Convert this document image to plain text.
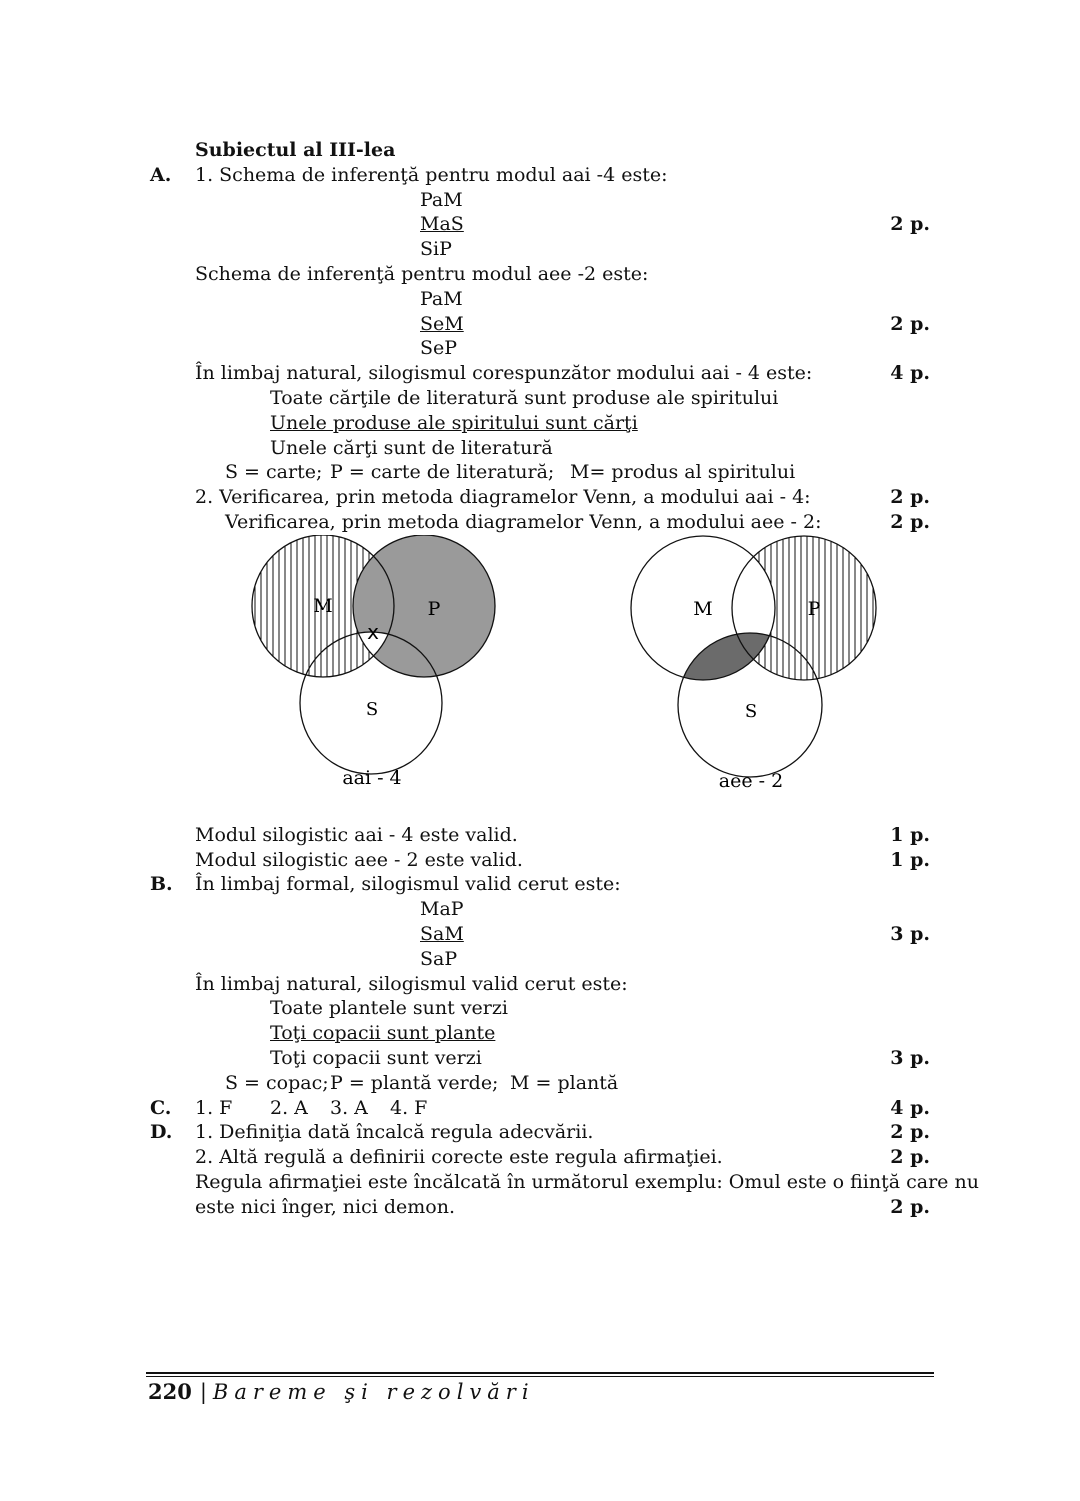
Subiectul al III-lea
A. 1. Schema de inferenţă pentru modul aai -4 este:
PaM
MaS	2 p.
SiP
Schema de inferenţă pentru modul aee -2 este:
PaM
SeM	2 p.
SeP
În limbaj natural, silogismul corespunzător modului aai - 4 este:	4 p.
Toate cărţile de literatură sunt produse ale spiritului
Unele produse ale spiritului sunt cărţi
Unele cărţi sunt de literatură
S = carte; P = carte de literatură; M= produs al spiritului
2. Verificarea, prin metoda diagramelor Venn, a modului aai - 4:	2 p.
Verificarea, prin metoda diagramelor Venn, a modului aee - 2:	2 p.
M	P
x
S
aai - 4
M	P
S
aee - 2
Modul silogistic aai - 4 este valid.	1 p.
Modul silogistic aee - 2 este valid.	1 p.
B. În limbaj formal, silogismul valid cerut este:
MaP
SaM	3 p.
SaP
În limbaj natural, silogismul valid cerut este:
Toate plantele sunt verzi
Toţi copacii sunt plante
Toţi copacii sunt verzi	3 p.
S = copac; P = plantă verde; M = plantă
C. 1. F 2. A 3. A 4. F	4 p.
D. 1. Definiţia dată încalcă regula adecvării.	2 p.
2. Altă regulă a definirii corecte este regula afirmaţiei.	2 p.
Regula afirmaţiei este încălcată în următorul exemplu: Omul este o fiinţă care nu
este nici înger, nici demon.	2 p.
220 | Bareme şi rezolvări
